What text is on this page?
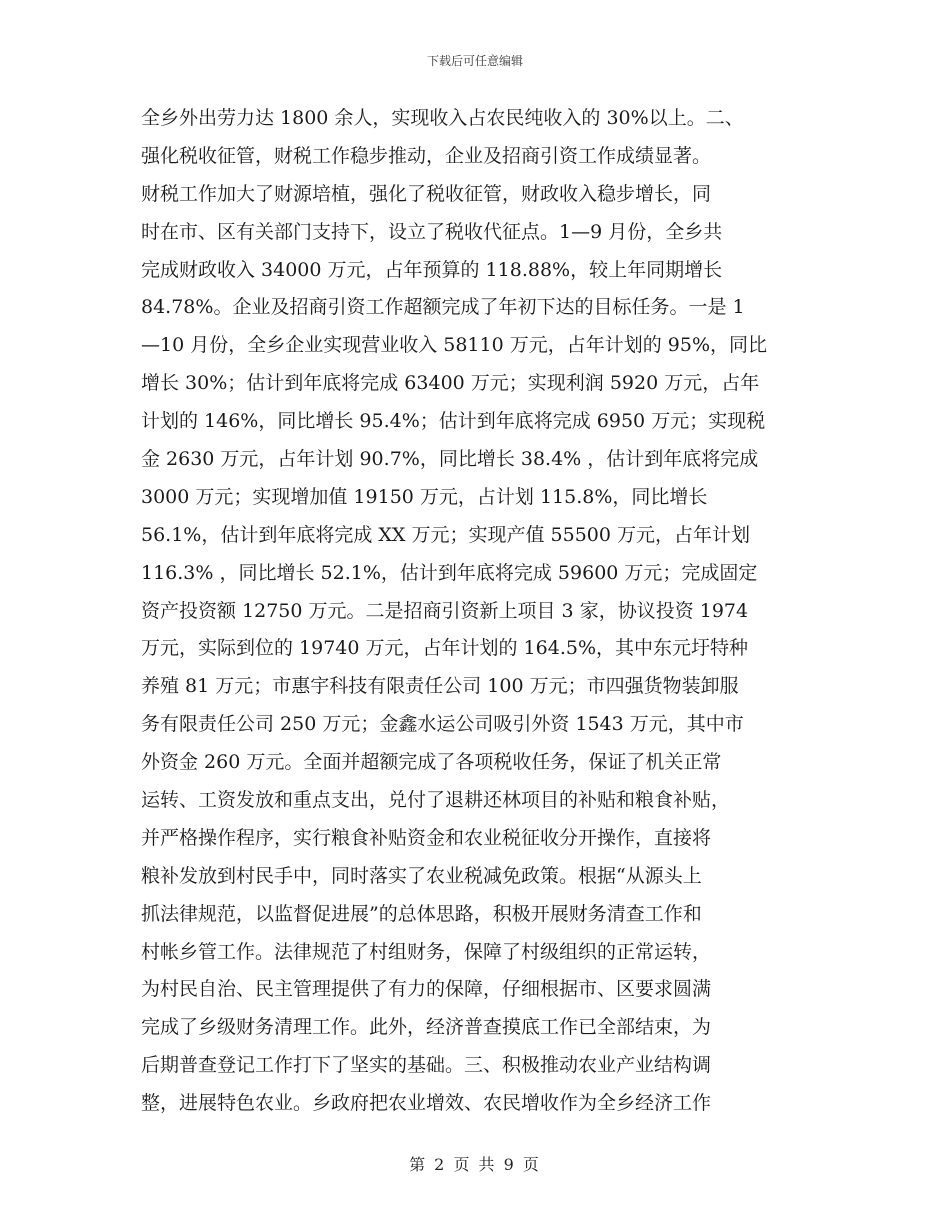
下载后可任意编辑
全乡外出劳力达 1800 余人，实现收入占农民纯收入的 30%以上。二、
强化税收征管，财税工作稳步推动，企业及招商引资工作成绩显著。
财税工作加大了财源培植，强化了税收征管，财政收入稳步增长，同
时在市、区有关部门支持下，设立了税收代征点。1—9 月份，全乡共
完成财政收入 34000 万元，占年预算的 118.88%，较上年同期增长
84.78%。企业及招商引资工作超额完成了年初下达的目标任务。一是 1
—10 月份，全乡企业实现营业收入 58110 万元，占年计划的 95%，同比
增长 30%；估计到年底将完成 63400 万元；实现利润 5920 万元，占年
计划的 146%，同比增长 95.4%；估计到年底将完成 6950 万元；实现税
金 2630 万元，占年计划 90.7%，同比增长 38.4% ，估计到年底将完成
3000 万元；实现增加值 19150 万元，占计划 115.8%，同比增长
56.1%，估计到年底将完成 XX 万元；实现产值 55500 万元，占年计划
116.3% ，同比增长 52.1%，估计到年底将完成 59600 万元；完成固定
资产投资额 12750 万元。二是招商引资新上项目 3 家，协议投资 1974
万元，实际到位的 19740 万元，占年计划的 164.5%，其中东元圩特种
养殖 81 万元；市惠宇科技有限责任公司 100 万元；市四强货物装卸服
务有限责任公司 250 万元；金鑫水运公司吸引外资 1543 万元，其中市
外资金 260 万元。全面并超额完成了各项税收任务，保证了机关正常
运转、工资发放和重点支出，兑付了退耕还林项目的补贴和粮食补贴，
并严格操作程序，实行粮食补贴资金和农业税征收分开操作，直接将
粮补发放到村民手中，同时落实了农业税减免政策。根据“从源头上
抓法律规范，以监督促进展”的总体思路，积极开展财务清查工作和
村帐乡管工作。法律规范了村组财务，保障了村级组织的正常运转，
为村民自治、民主管理提供了有力的保障，仔细根据市、区要求圆满
完成了乡级财务清理工作。此外，经济普查摸底工作已全部结束，为
后期普查登记工作打下了坚实的基础。三、积极推动农业产业结构调
整，进展特色农业。乡政府把农业增效、农民增收作为全乡经济工作
第 2 页 共 9 页
